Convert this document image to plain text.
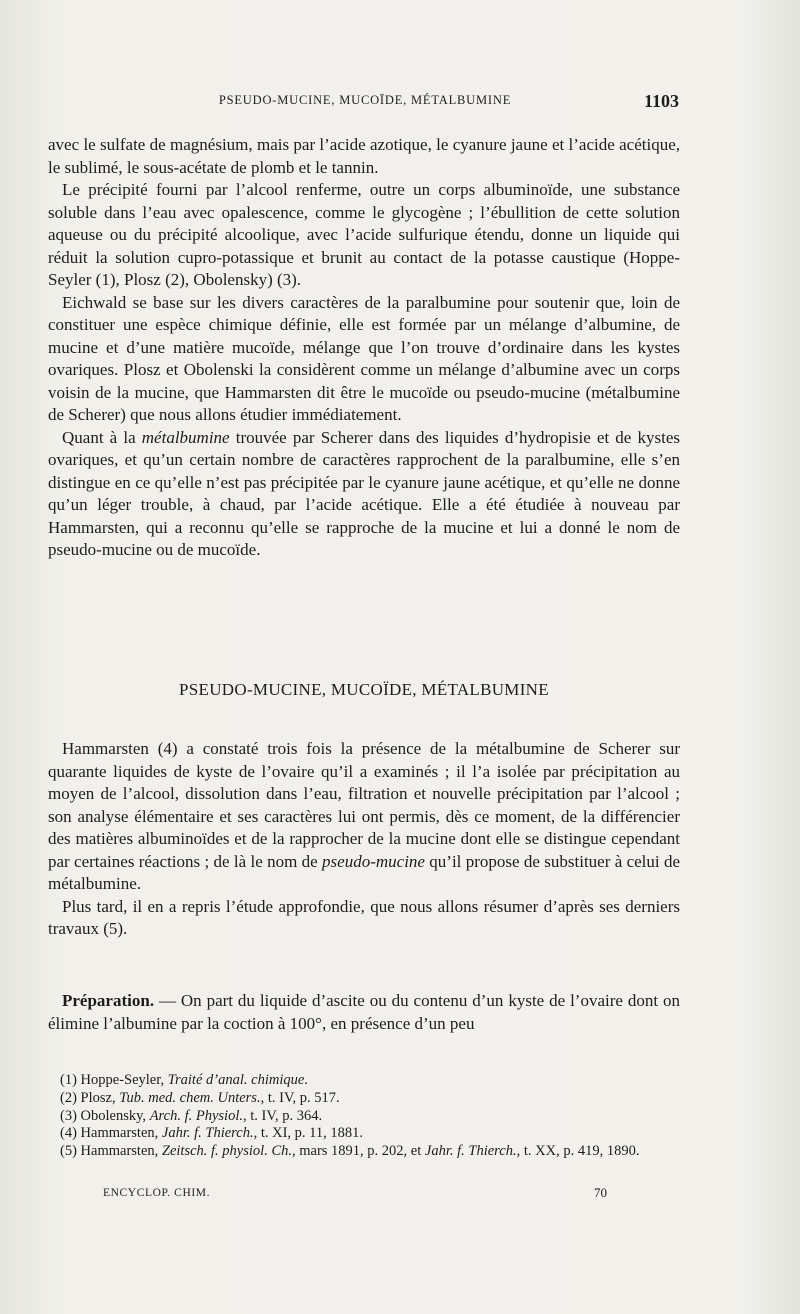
PSEUDO-MUCINE, MUCOÏDE, MÉTALBUMINE	1103

avec le sulfate de magnésium, mais par l’acide azotique, le cyanure jaune et l’acide acétique, le sublimé, le sous-acétate de plomb et le tannin.

Le précipité fourni par l’alcool renferme, outre un corps albuminoïde, une substance soluble dans l’eau avec opalescence, comme le glycogène ; l’ébullition de cette solution aqueuse ou du précipité alcoolique, avec l’acide sulfurique étendu, donne un liquide qui réduit la solution cupro-potassique et brunit au contact de la potasse caustique (Hoppe-Seyler (1), Plosz (2), Obolensky) (3).

Eichwald se base sur les divers caractères de la paralbumine pour soutenir que, loin de constituer une espèce chimique définie, elle est formée par un mélange d’albumine, de mucine et d’une matière mucoïde, mélange que l’on trouve d’ordinaire dans les kystes ovariques. Plosz et Obolenski la considèrent comme un mélange d’albumine avec un corps voisin de la mucine, que Hammarsten dit être le mucoïde ou pseudo-mucine (métalbumine de Scherer) que nous allons étudier immédiatement.

Quant à la métalbumine trouvée par Scherer dans des liquides d’hydropisie et de kystes ovariques, et qu’un certain nombre de caractères rapprochent de la paralbumine, elle s’en distingue en ce qu’elle n’est pas précipitée par le cyanure jaune acétique, et qu’elle ne donne qu’un léger trouble, à chaud, par l’acide acétique. Elle a été étudiée à nouveau par Hammarsten, qui a reconnu qu’elle se rapproche de la mucine et lui a donné le nom de pseudo-mucine ou de mucoïde.

PSEUDO-MUCINE, MUCOÏDE, MÉTALBUMINE

Hammarsten (4) a constaté trois fois la présence de la métalbumine de Scherer sur quarante liquides de kyste de l’ovaire qu’il a examinés ; il l’a isolée par précipitation au moyen de l’alcool, dissolution dans l’eau, filtration et nouvelle précipitation par l’alcool ; son analyse élémentaire et ses caractères lui ont permis, dès ce moment, de la différencier des matières albuminoïdes et de la rapprocher de la mucine dont elle se distingue cependant par certaines réactions ; de là le nom de pseudo-mucine qu’il propose de substituer à celui de métalbumine.

Plus tard, il en a repris l’étude approfondie, que nous allons résumer d’après ses derniers travaux (5).

Préparation. — On part du liquide d’ascite ou du contenu d’un kyste de l’ovaire dont on élimine l’albumine par la coction à 100°, en présence d’un peu

(1) Hoppe-Seyler, Traité d’anal. chimique.
(2) Plosz, Tub. med. chem. Unters., t. IV, p. 517.
(3) Obolensky, Arch. f. Physiol., t. IV, p. 364.
(4) Hammarsten, Jahr. f. Thierch., t. XI, p. 11, 1881.
(5) Hammarsten, Zeitsch. f. physiol. Ch., mars 1891, p. 202, et Jahr. f. Thierch., t. XX, p. 419, 1890.
ENCYCLOP. CHIM.	70
